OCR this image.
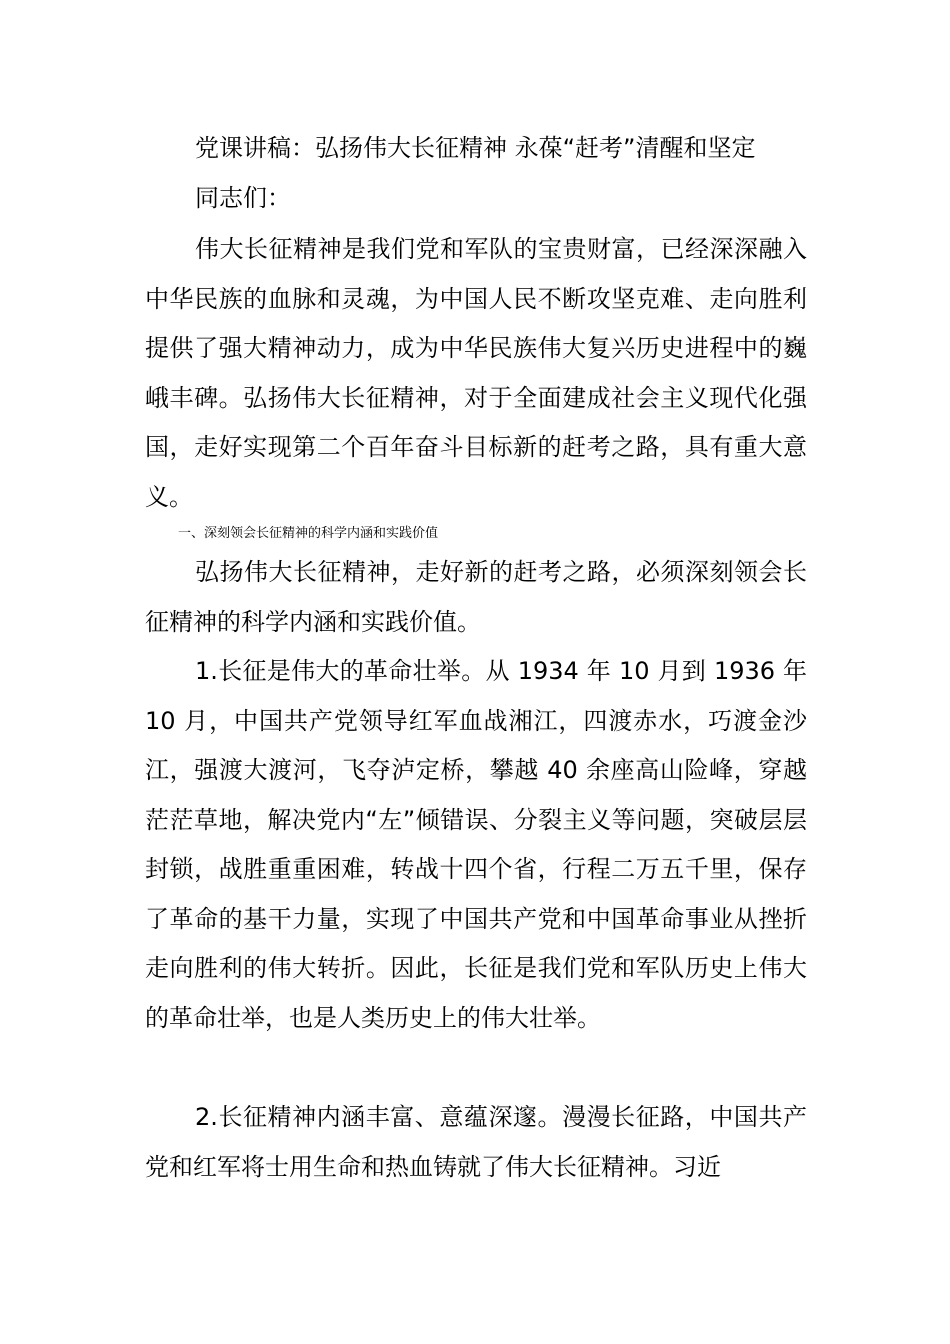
党课讲稿：弘扬伟大长征精神 永葆“赶考”清醒和坚定
同志们：

伟大长征精神是我们党和军队的宝贵财富，已经深深融入中华民族的血脉和灵魂，为中国人民不断攻坚克难、走向胜利提供了强大精神动力，成为中华民族伟大复兴历史进程中的巍峨丰碑。弘扬伟大长征精神，对于全面建成社会主义现代化强国，走好实现第二个百年奋斗目标新的赶考之路，具有重大意义。

一、深刻领会长征精神的科学内涵和实践价值

弘扬伟大长征精神，走好新的赶考之路，必须深刻领会长征精神的科学内涵和实践价值。

1.长征是伟大的革命壮举。从 1934 年 10 月到 1936 年 10 月，中国共产党领导红军血战湘江，四渡赤水，巧渡金沙江，强渡大渡河，飞夺泸定桥，攀越 40 余座高山险峰，穿越茫茫草地，解决党内“左”倾错误、分裂主义等问题，突破层层封锁，战胜重重困难，转战十四个省，行程二万五千里，保存了革命的基干力量，实现了中国共产党和中国革命事业从挫折走向胜利的伟大转折。因此，长征是我们党和军队历史上伟大的革命壮举，也是人类历史上的伟大壮举。

2.长征精神内涵丰富、意蕴深邃。漫漫长征路，中国共产党和红军将士用生命和热血铸就了伟大长征精神。习近
